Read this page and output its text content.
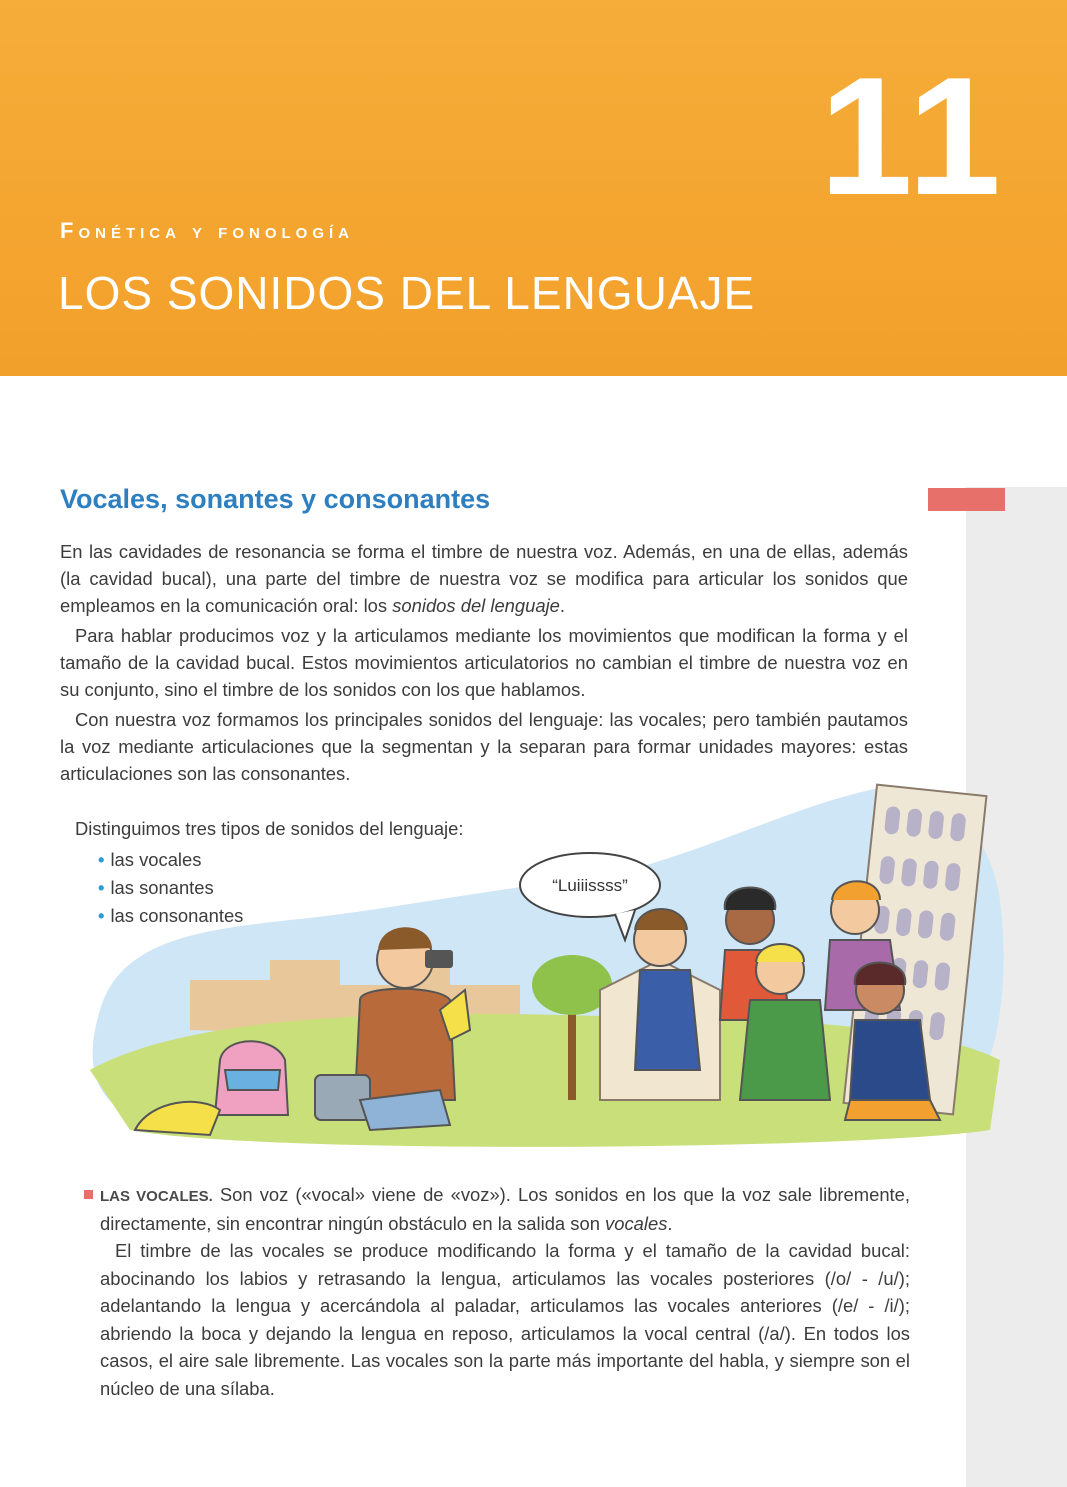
11
Fonética y fonología
LOS SONIDOS DEL LENGUAJE
Vocales, sonantes y consonantes

En las cavidades de resonancia se forma el timbre de nuestra voz. Además, en una de ellas, además (la cavidad bucal), una parte del timbre de nuestra voz se modifica para articular los sonidos que empleamos en la comunicación oral: los sonidos del lenguaje.

Para hablar producimos voz y la articulamos mediante los movimientos que modifican la forma y el tamaño de la cavidad bucal. Estos movimientos articulatorios no cambian el timbre de nuestra voz en su conjunto, sino el timbre de los sonidos con los que hablamos.

Con nuestra voz formamos los principales sonidos del lenguaje: las vocales; pero también pautamos la voz mediante articulaciones que la segmentan y la separan para formar unidades mayores: estas articulaciones son las consonantes.

“Luiiissss”
Distinguimos tres tipos de sonidos del lenguaje:
• las vocales
• las sonantes
• las consonantes

LAS VOCALES. Son voz («vocal» viene de «voz»). Los sonidos en los que la voz sale libremente, directamente, sin encontrar ningún obstáculo en la salida son vocales.

El timbre de las vocales se produce modificando la forma y el tamaño de la cavidad bucal: abocinando los labios y retrasando la lengua, articulamos las vocales posteriores (/o/ - /u/); adelantando la lengua y acercándola al paladar, articulamos las vocales anteriores (/e/ - /i/); abriendo la boca y dejando la lengua en reposo, articulamos la vocal central (/a/). En todos los casos, el aire sale libremente. Las vocales son la parte más importante del habla, y siempre son el núcleo de una sílaba.
